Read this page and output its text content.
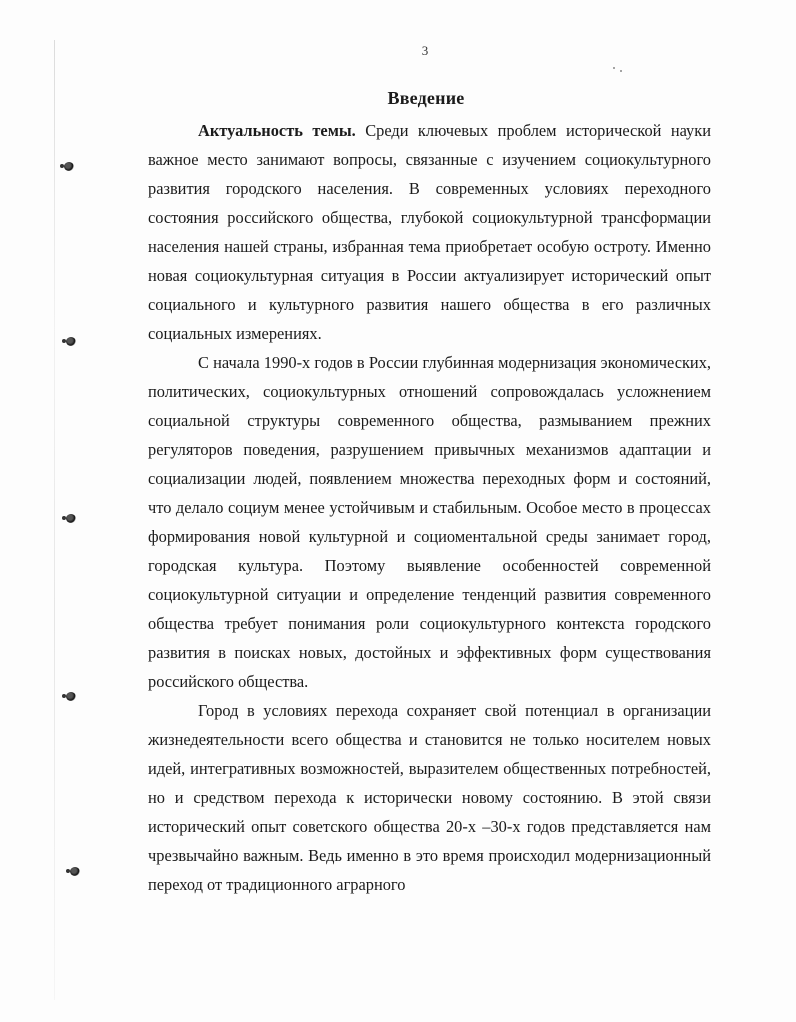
3
Введение

Актуальность темы. Среди ключевых проблем исторической науки важное место занимают вопросы, связанные с изучением социокультурного развития городского населения. В современных условиях переходного состояния российского общества, глубокой социокультурной трансформации населения нашей страны, избранная тема приобретает особую остроту. Именно новая социокультурная ситуация в России актуализирует исторический опыт социального и культурного развития нашего общества в его различных социальных измерениях.

С начала 1990-х годов в России глубинная модернизация экономических, политических, социокультурных отношений сопровождалась усложнением социальной структуры современного общества, размыванием прежних регуляторов поведения, разрушением привычных механизмов адаптации и социализации людей, появлением множества переходных форм и состояний, что делало социум менее устойчивым и стабильным. Особое место в процессах формирования новой культурной и социоментальной среды занимает город, городская культура. Поэтому выявление особенностей современной социокультурной ситуации и определение тенденций развития современного общества требует понимания роли социокультурного контекста городского развития в поисках новых, достойных и эффективных форм существования российского общества.

Город в условиях перехода сохраняет свой потенциал в организации жизнедеятельности всего общества и становится не только носителем новых идей, интегративных возможностей, выразителем общественных потребностей, но и средством перехода к исторически новому состоянию. В этой связи исторический опыт советского общества 20-х –30-х годов представляется нам чрезвычайно важным. Ведь именно в это время происходил модернизационный переход от традиционного аграрного
